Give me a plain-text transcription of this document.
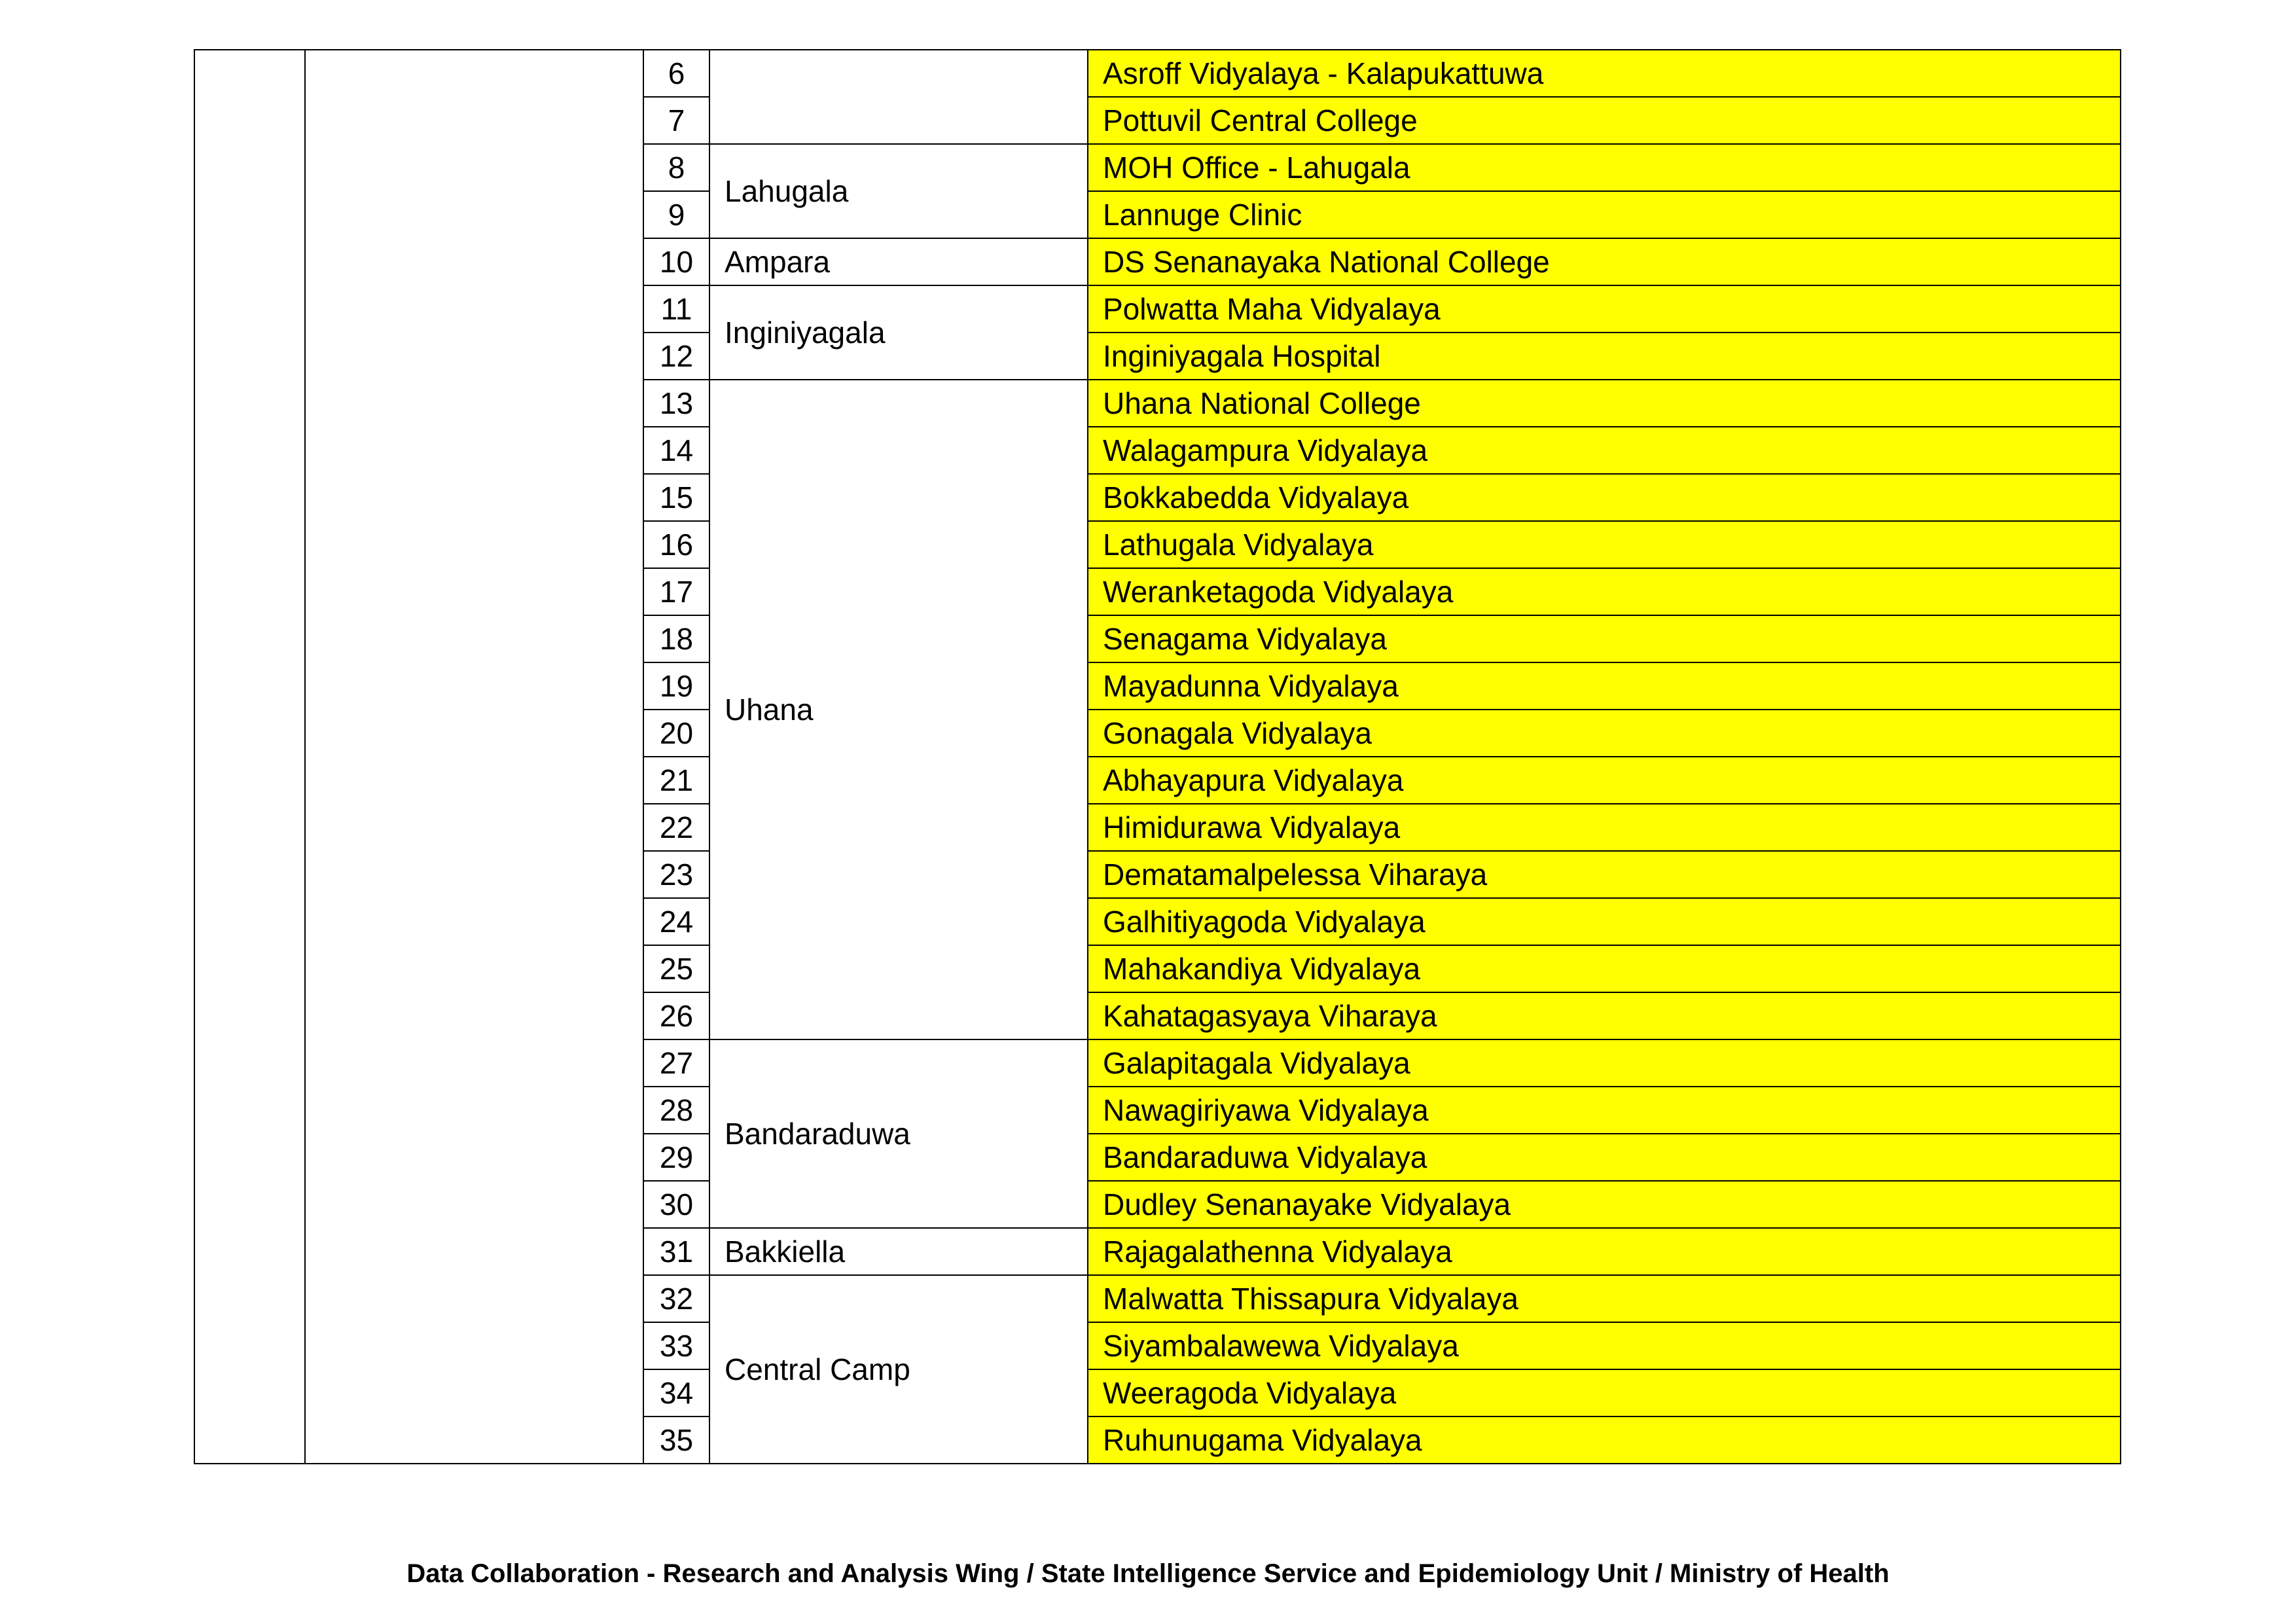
		6		Asroff Vidyalaya - Kalapukattuwa
		7		Pottuvil Central College
		8	Lahugala	MOH Office - Lahugala
		9		Lannuge Clinic
		10	Ampara	DS Senanayaka National College
		11	Inginiyagala	Polwatta Maha Vidyalaya
		12		Inginiyagala Hospital
		13	Uhana	Uhana National College
		14		Walagampura Vidyalaya
		15		Bokkabedda Vidyalaya
		16		Lathugala Vidyalaya
		17		Weranketagoda Vidyalaya
		18		Senagama Vidyalaya
		19		Mayadunna Vidyalaya
		20		Gonagala Vidyalaya
		21		Abhayapura Vidyalaya
		22		Himidurawa Vidyalaya
		23		Dematamalpelessa Viharaya
		24		Galhitiyagoda Vidyalaya
		25		Mahakandiya Vidyalaya
		26		Kahatagasyaya Viharaya
		27	Bandaraduwa	Galapitagala Vidyalaya
		28		Nawagiriyawa Vidyalaya
		29		Bandaraduwa Vidyalaya
		30		Dudley Senanayake Vidyalaya
		31	Bakkiella	Rajagalathenna Vidyalaya
		32	Central Camp	Malwatta Thissapura Vidyalaya
		33		Siyambalawewa Vidyalaya
		34		Weeragoda Vidyalaya
		35		Ruhunugama Vidyalaya
Data Collaboration - Research and Analysis Wing / State Intelligence Service and Epidemiology Unit / Ministry of Health
